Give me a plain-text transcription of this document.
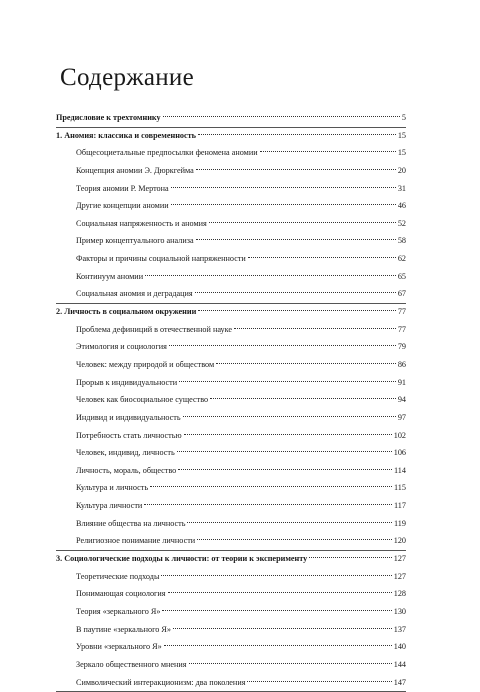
Содержание
Предисловие к трехтомнику	5
1. Аномия: классика и современность	15
Общесоциетальные предпосылки феномена аномии	15
Концепция аномии Э. Дюркгейма	20
Теория аномии Р. Мертона	31
Другие концепции аномии	46
Социальная напряженность и аномия	52
Пример концептуального анализа	58
Факторы и причины социальной напряженности	62
Континуум аномии	65
Социальная аномия и деградация	67
2. Личность в социальном окружении	77
Проблема дефиниций в отечественной науке	77
Этимология и социология	79
Человек: между природой и обществом	86
Прорыв к индивидуальности	91
Человек как биосоциальное существо	94
Индивид и индивидуальность	97
Потребность стать личностью	102
Человек, индивид, личность	106
Личность, мораль, общество	114
Культура и личность	115
Культура личности	117
Влияние общества на личность	119
Религиозное понимание личности	120
3. Социологические подходы к личности: от теории к эксперименту	127
Теоретические подходы	127
Понимающая социология	128
Теория «зеркального Я»	130
В паутине «зеркального Я»	137
Уровни «зеркального Я»	140
Зеркало общественного мнения	144
Символический интеракционизм: два поколения	147
